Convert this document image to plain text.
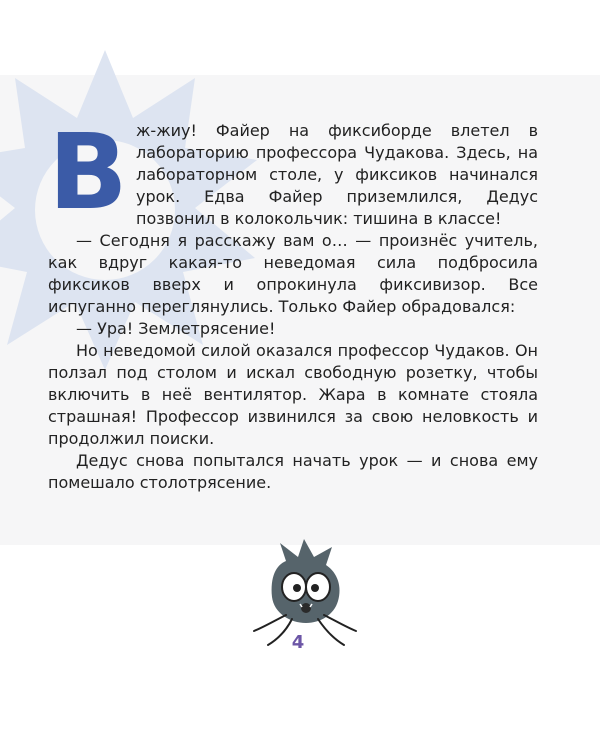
В ж-жиу! Файер на фиксиборде влетел в лабораторию профессора Чудакова. Здесь, на лабораторном столе, у фиксиков начинался урок. Едва Файер приземлился, Дедус позвонил в колокольчик: тишина в классе!

— Сегодня я расскажу вам о… — произнёс учитель, как вдруг какая-то неведомая сила подбросила фиксиков вверх и опрокинула фиксивизор. Все испуганно переглянулись. Только Файер обрадовался:

— Ура! Землетрясение!

Но неведомой силой оказался профессор Чудаков. Он ползал под столом и искал свободную розетку, чтобы включить в неё вентилятор. Жара в комнате стояла страшная! Профессор извинился за свою неловкость и продолжил поиски.

Дедус снова попытался начать урок — и снова ему помешало столотрясение.

4
